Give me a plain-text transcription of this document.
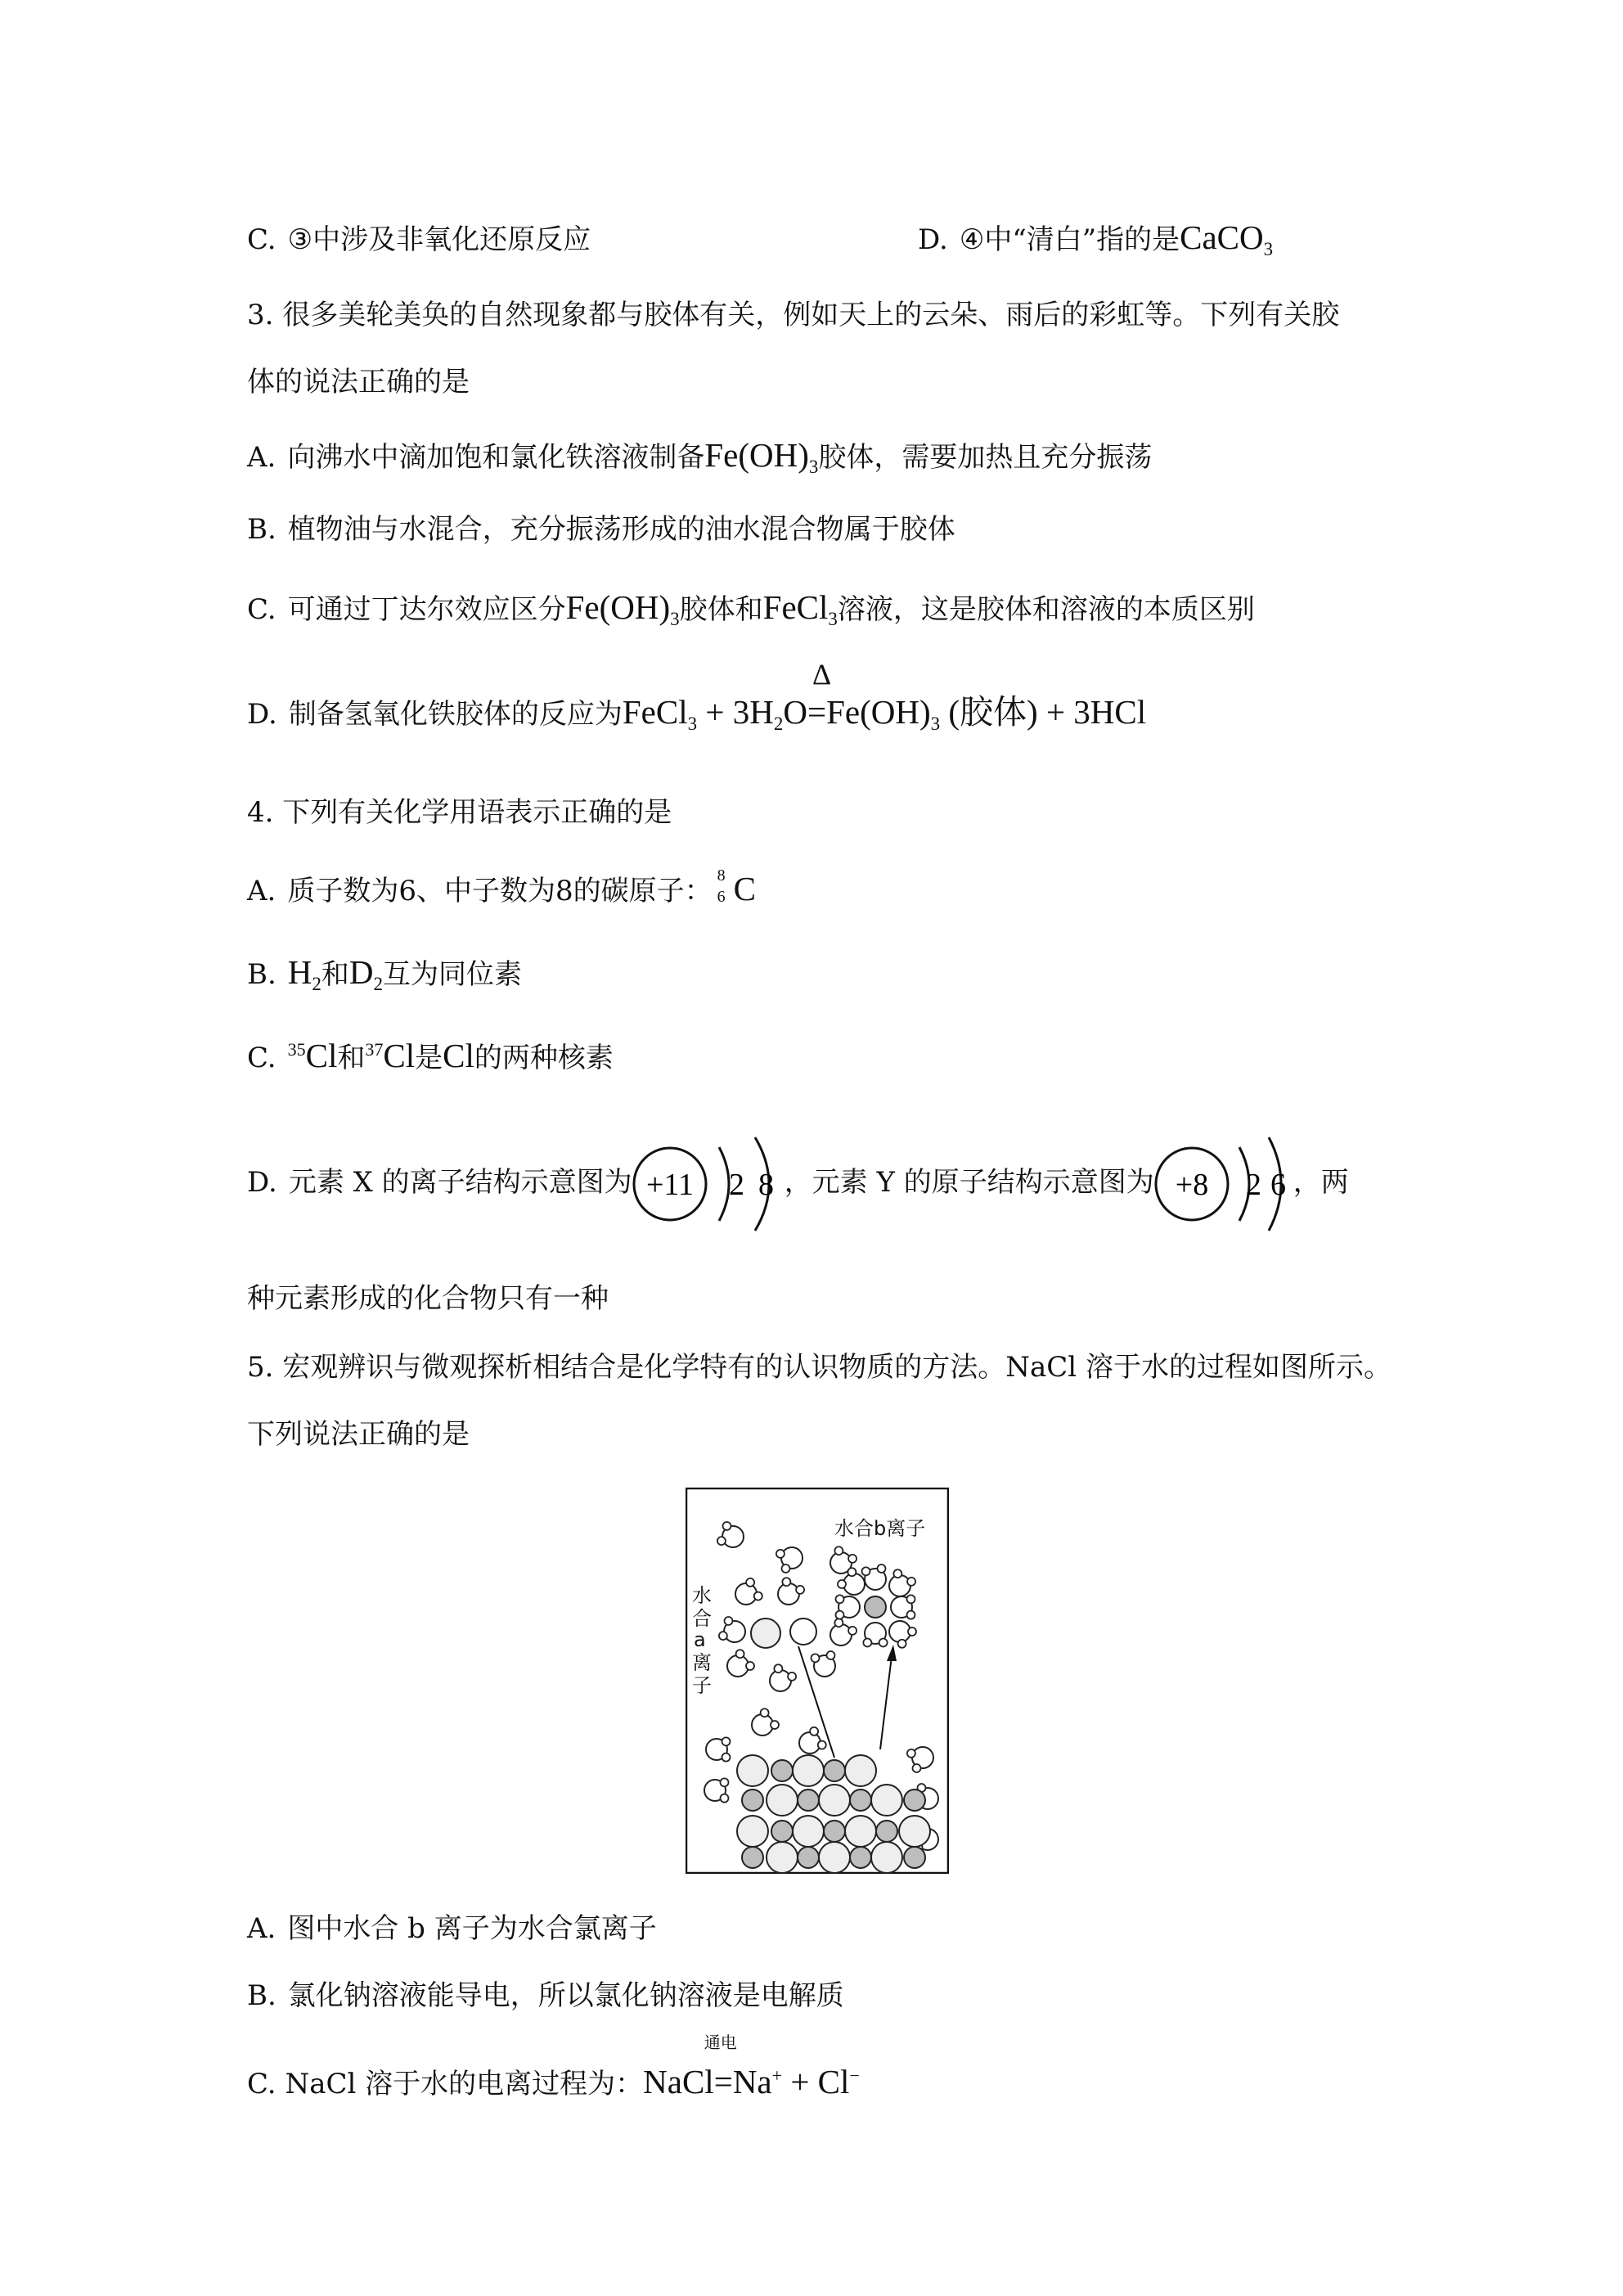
C. ③中涉及非氧化还原反应	D. ④中“清白”指的是CaCO$_3$
3. 很多美轮美奂的自然现象都与胶体有关，例如天上的云朵、雨后的彩虹等。下列有关胶
体的说法正确的是
A. 向沸水中滴加饱和氯化铁溶液制备$Fe(OH)_3$胶体，需要加热且充分振荡
B. 植物油与水混合，充分振荡形成的油水混合物属于胶体
C. 可通过丁达尔效应区分$Fe(OH)_3$胶体和FeCl$_3$溶液，这是胶体和溶液的本质区别
D. 制备氢氧化铁胶体的反应为FeCl$_3$ + $3H_2O$
Δ
$=Fe(OH)_3$ (胶体) + 3HCl
4. 下列有关化学用语表示正确的是
A. 质子数为6、中子数为8的碳原子： 8
6 C
B. $H_2$和$D_2$互为同位素
C. $^{35}$Cl和$^{37}$Cl是Cl的两种核素
D. 元素 X 的离子结构示意图为 +11 2 8 ，元素 Y 的原子结构示意图为 +8 2 6 ，两
种元素形成的化合物只有一种
5. 宏观辨识与微观探析相结合是化学特有的认识物质的方法。NaCl 溶于水的过程如图所示。
下列说法正确的是
水合b离子
水
合
a
离
子
A. 图中水合 b 离子为水合氯离子
B. 氯化钠溶液能导电，所以氯化钠溶液是电解质
C. NaCl 溶于水的电离过程为：NaCl
通电
=Na+ + Cl−
